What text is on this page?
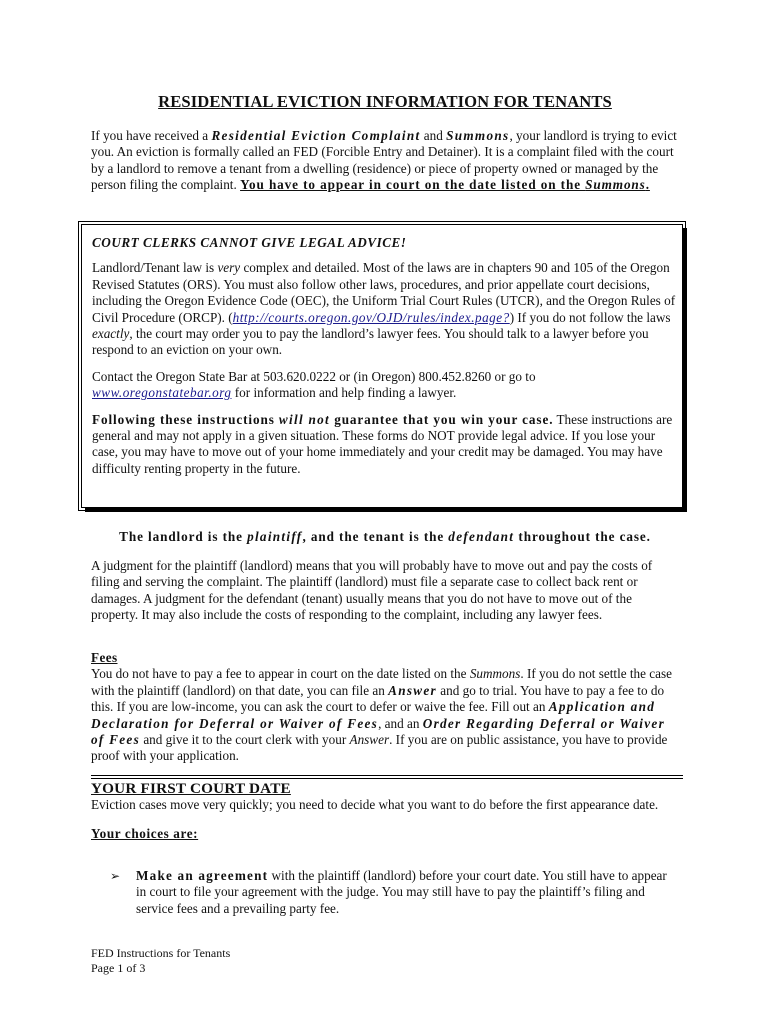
RESIDENTIAL EVICTION INFORMATION FOR TENANTS

If you have received a Residential Eviction Complaint and Summons, your landlord is trying to evict you. An eviction is formally called an FED (Forcible Entry and Detainer). It is a complaint filed with the court by a landlord to remove a tenant from a dwelling (residence) or piece of property owned or managed by the person filing the complaint. You have to appear in court on the date listed on the Summons.

COURT CLERKS CANNOT GIVE LEGAL ADVICE!

Landlord/Tenant law is very complex and detailed. Most of the laws are in chapters 90 and 105 of the Oregon Revised Statutes (ORS). You must also follow other laws, procedures, and prior appellate court decisions, including the Oregon Evidence Code (OEC), the Uniform Trial Court Rules (UTCR), and the Oregon Rules of Civil Procedure (ORCP). (http://courts.oregon.gov/OJD/rules/index.page?) If you do not follow the laws exactly, the court may order you to pay the landlord’s lawyer fees. You should talk to a lawyer before you respond to an eviction on your own.

Contact the Oregon State Bar at 503.620.0222 or (in Oregon) 800.452.8260 or go to www.oregonstatebar.org for information and help finding a lawyer.

Following these instructions will not guarantee that you win your case. These instructions are general and may not apply in a given situation. These forms do NOT provide legal advice. If you lose your case, you may have to move out of your home immediately and your credit may be damaged. You may have difficulty renting property in the future.

The landlord is the plaintiff, and the tenant is the defendant throughout the case.

A judgment for the plaintiff (landlord) means that you will probably have to move out and pay the costs of filing and serving the complaint. The plaintiff (landlord) must file a separate case to collect back rent or damages. A judgment for the defendant (tenant) usually means that you do not have to move out of the property. It may also include the costs of responding to the complaint, including any lawyer fees.

Fees

You do not have to pay a fee to appear in court on the date listed on the Summons. If you do not settle the case with the plaintiff (landlord) on that date, you can file an Answer and go to trial. You have to pay a fee to do this. If you are low-income, you can ask the court to defer or waive the fee. Fill out an Application and Declaration for Deferral or Waiver of Fees, and an Order Regarding Deferral or Waiver of Fees and give it to the court clerk with your Answer. If you are on public assistance, you have to provide proof with your application.

YOUR FIRST COURT DATE

Eviction cases move very quickly; you need to decide what you want to do before the first appearance date.

Your choices are:

➢ Make an agreement with the plaintiff (landlord) before your court date. You still have to appear in court to file your agreement with the judge. You may still have to pay the plaintiff’s filing and service fees and a prevailing party fee.

FED Instructions for Tenants
Page 1 of 3
